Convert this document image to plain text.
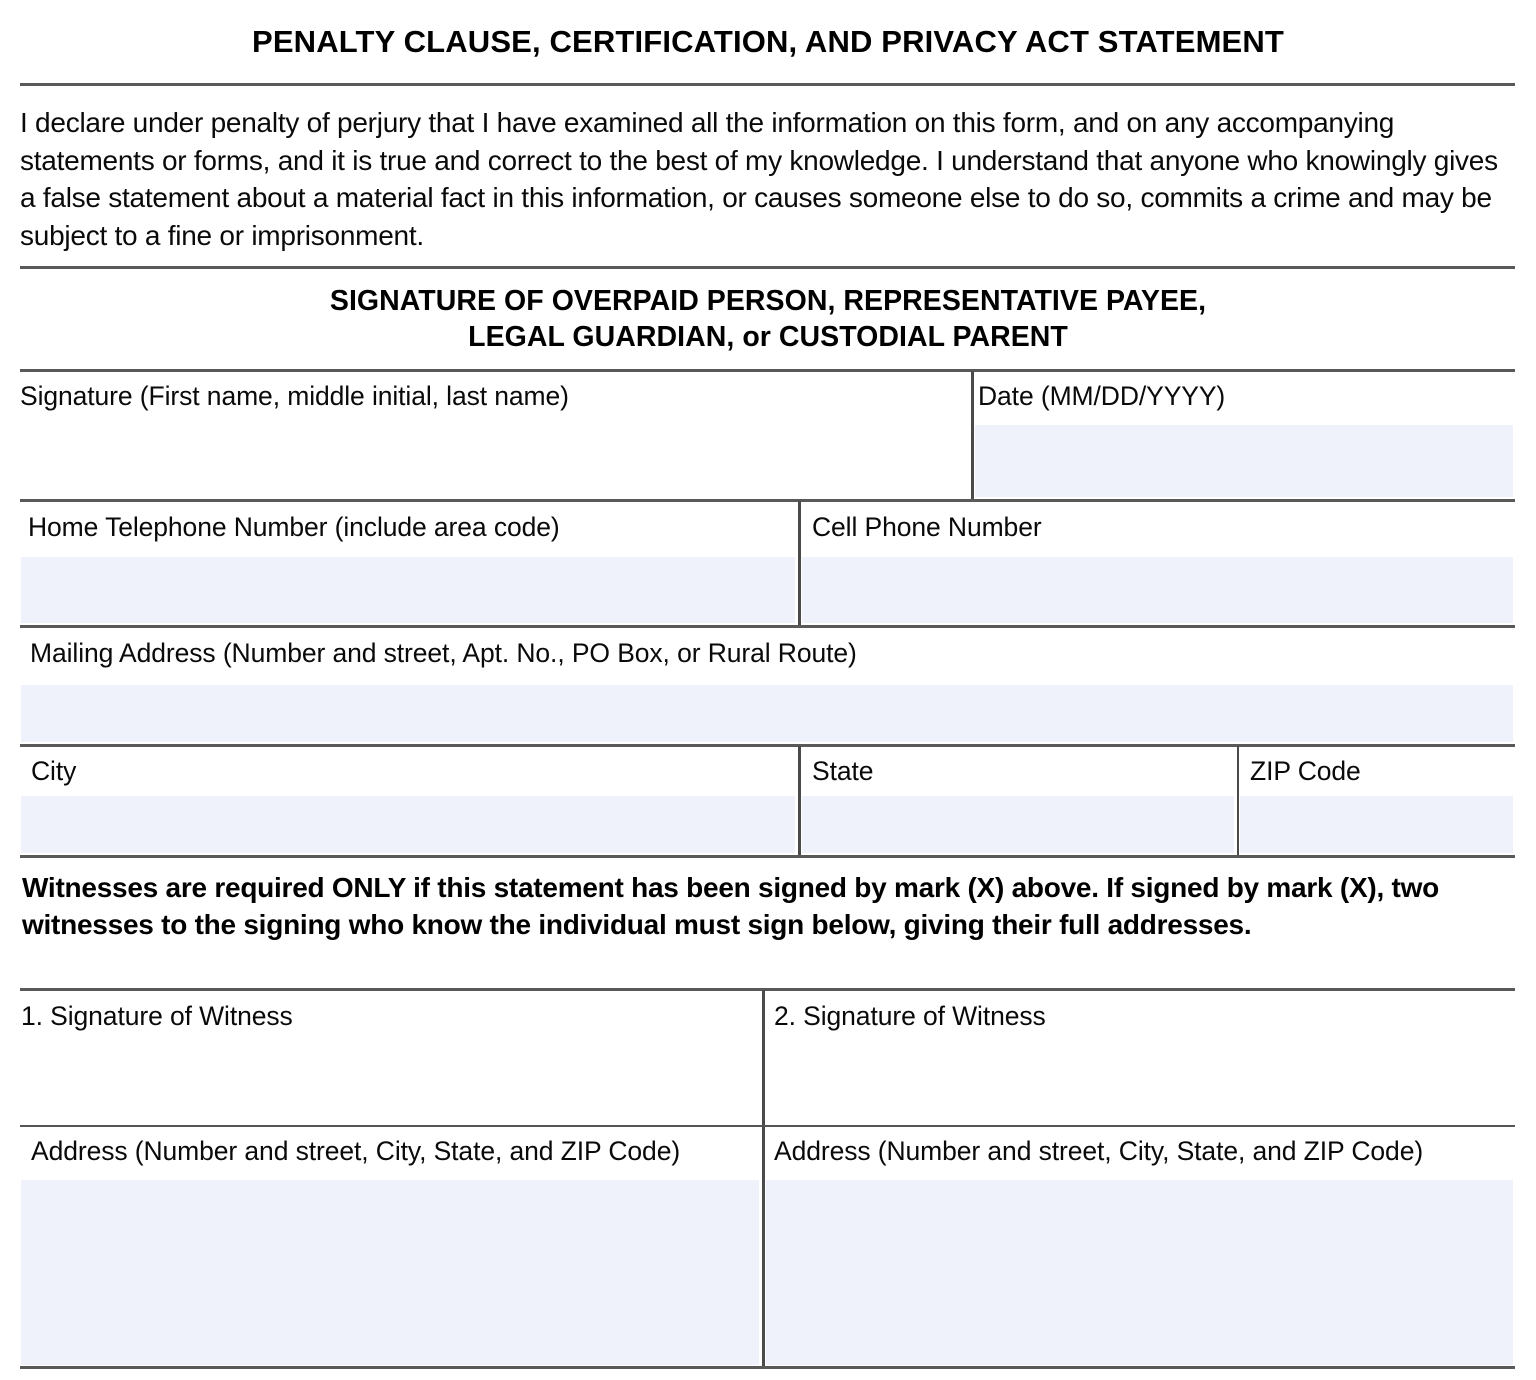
PENALTY CLAUSE, CERTIFICATION, AND PRIVACY ACT STATEMENT
I declare under penalty of perjury that I have examined all the information on this form, and on any accompanying statements or forms, and it is true and correct to the best of my knowledge. I understand that anyone who knowingly gives a false statement about a material fact in this information, or causes someone else to do so, commits a crime and may be subject to a fine or imprisonment.
SIGNATURE OF OVERPAID PERSON, REPRESENTATIVE PAYEE,
LEGAL GUARDIAN, or CUSTODIAL PARENT
Signature (First name, middle initial, last name)	Date (MM/DD/YYYY)
Home Telephone Number (include area code)	Cell Phone Number
Mailing Address (Number and street, Apt. No., PO Box, or Rural Route)
City	State	ZIP Code
Witnesses are required ONLY if this statement has been signed by mark (X) above. If signed by mark (X), two witnesses to the signing who know the individual must sign below, giving their full addresses.
1. Signature of Witness	2. Signature of Witness
Address (Number and street, City, State, and ZIP Code)	Address (Number and street, City, State, and ZIP Code)
